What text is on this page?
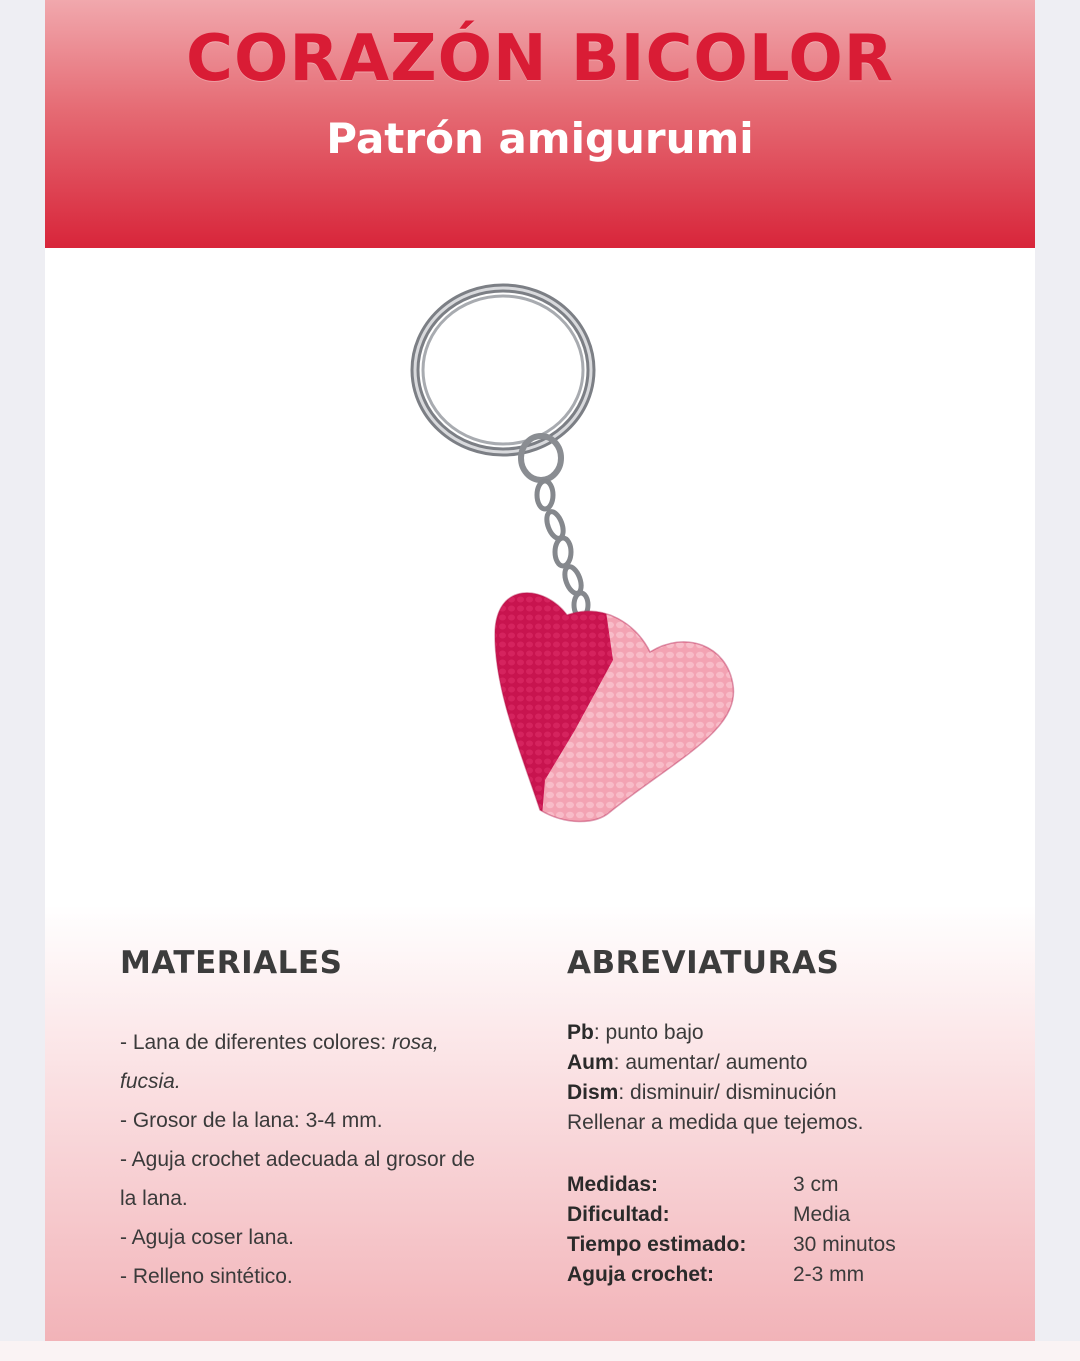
CORAZÓN BICOLOR
Patrón amigurumi
MATERIALES
- Lana de diferentes colores: rosa, fucsia.
- Grosor de la lana: 3-4 mm.
- Aguja crochet adecuada al grosor de la lana.
- Aguja coser lana.
- Relleno sintético.
ABREVIATURAS
Pb: punto bajo
Aum: aumentar/ aumento
Dism: disminuir/ disminución
Rellenar a medida que tejemos.
Medidas:	3 cm
Dificultad:	Media
Tiempo estimado:	30 minutos
Aguja crochet:	2-3 mm
